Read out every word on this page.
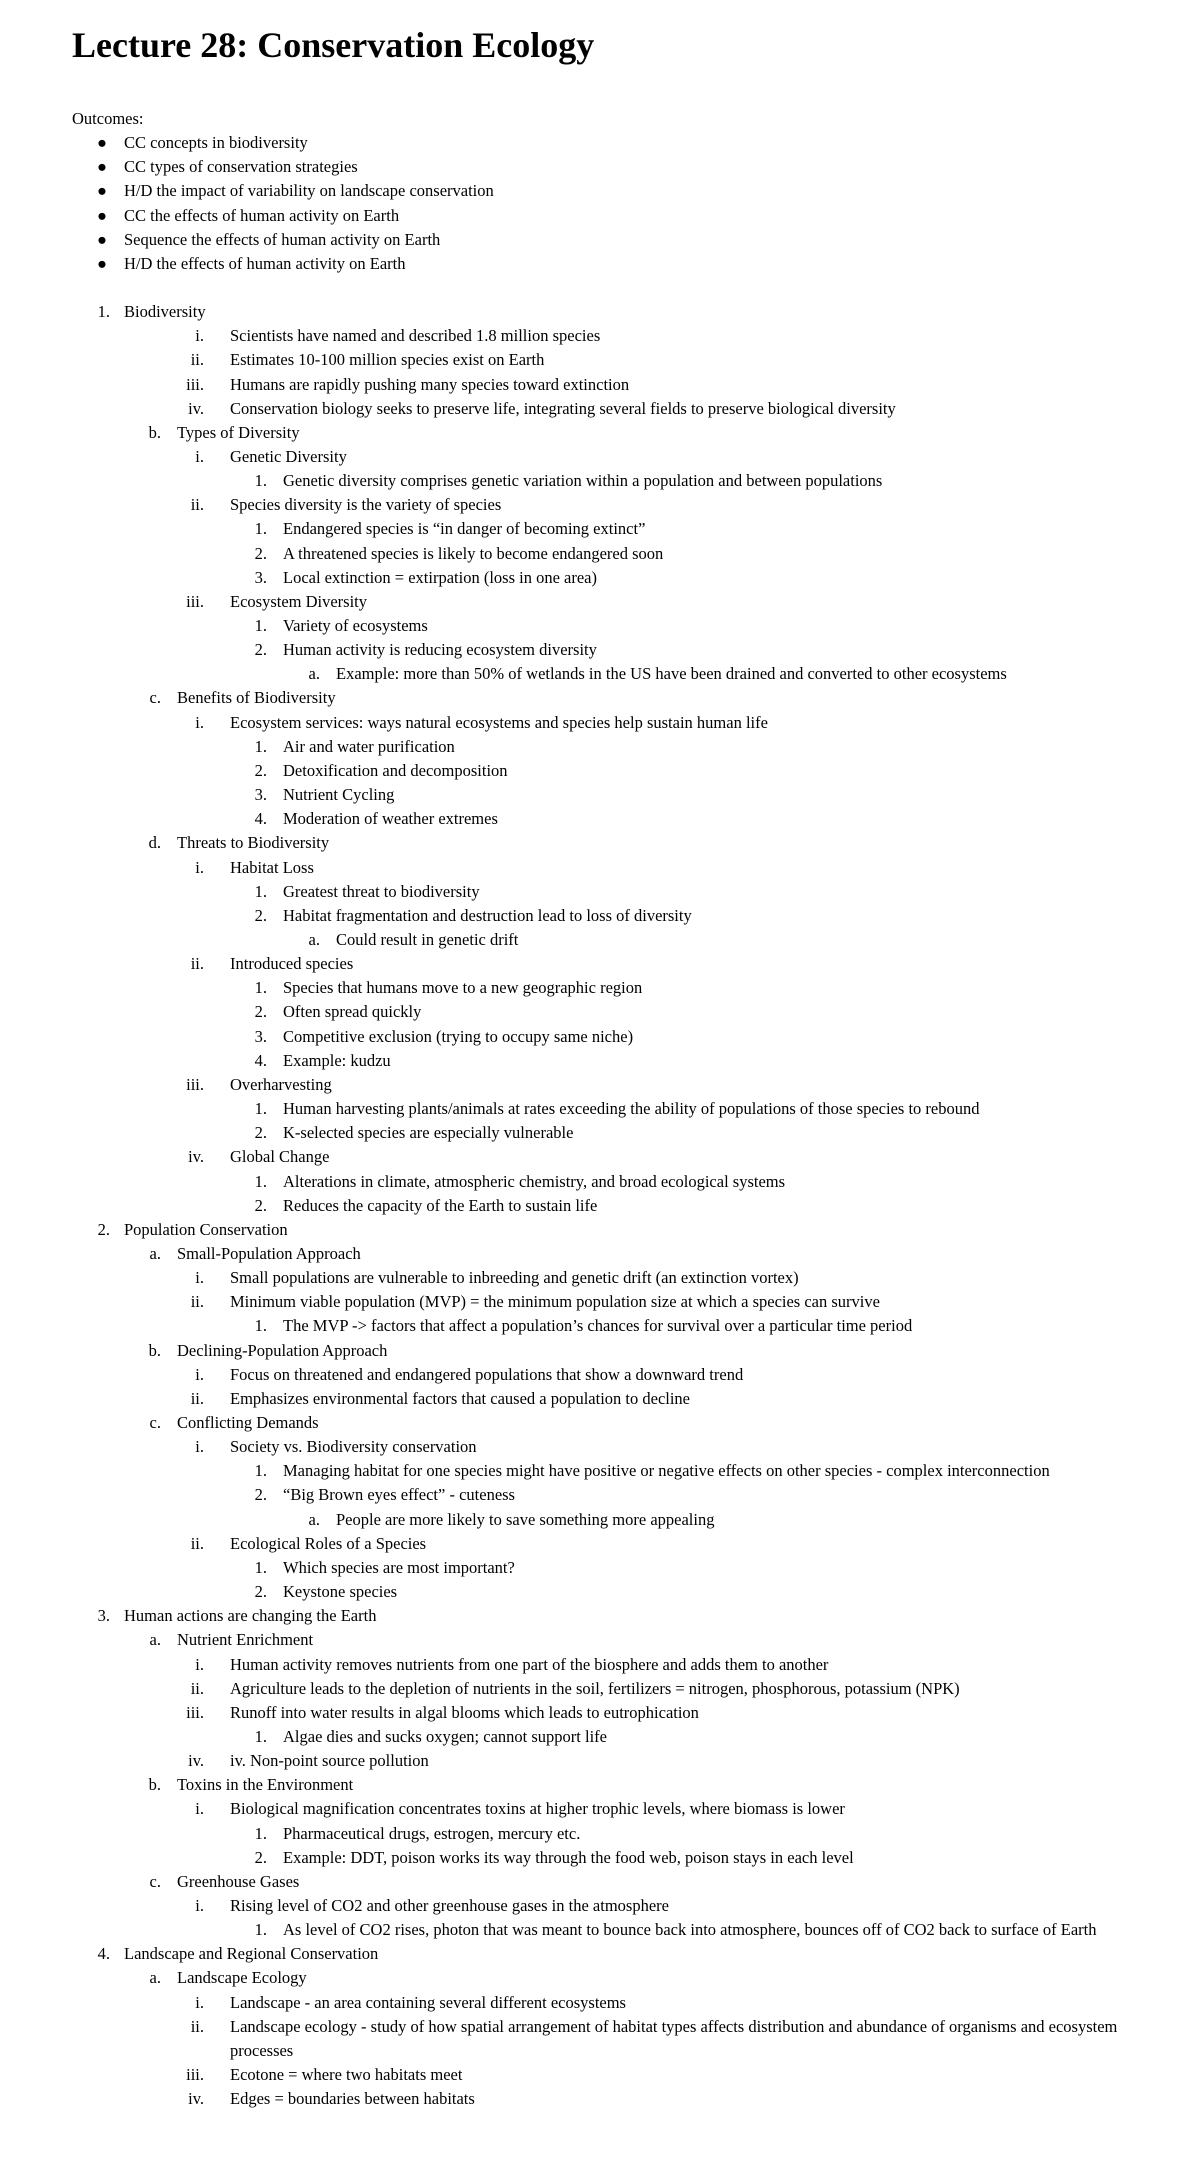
Lecture 28: Conservation Ecology
Outcomes:
●	CC concepts in biodiversity
●	CC types of conservation strategies
●	H/D the impact of variability on landscape conservation
●	CC the effects of human activity on Earth
●	Sequence the effects of human activity on Earth
●	H/D the effects of human activity on Earth
1. Biodiversity
i. Scientists have named and described 1.8 million species
ii. Estimates 10-100 million species exist on Earth
iii. Humans are rapidly pushing many species toward extinction
iv. Conservation biology seeks to preserve life, integrating several fields to preserve biological diversity
b. Types of Diversity
i. Genetic Diversity
1. Genetic diversity comprises genetic variation within a population and between populations
ii. Species diversity is the variety of species
1. Endangered species is “in danger of becoming extinct”
2. A threatened species is likely to become endangered soon
3. Local extinction = extirpation (loss in one area)
iii. Ecosystem Diversity
1. Variety of ecosystems
2. Human activity is reducing ecosystem diversity
a. Example: more than 50% of wetlands in the US have been drained and converted to other ecosystems
c. Benefits of Biodiversity
i. Ecosystem services: ways natural ecosystems and species help sustain human life
1. Air and water purification
2. Detoxification and decomposition
3. Nutrient Cycling
4. Moderation of weather extremes
d. Threats to Biodiversity
i. Habitat Loss
1. Greatest threat to biodiversity
2. Habitat fragmentation and destruction lead to loss of diversity
a. Could result in genetic drift
ii. Introduced species
1. Species that humans move to a new geographic region
2. Often spread quickly
3. Competitive exclusion (trying to occupy same niche)
4. Example: kudzu
iii. Overharvesting
1. Human harvesting plants/animals at rates exceeding the ability of populations of those species to rebound
2. K-selected species are especially vulnerable
iv. Global Change
1. Alterations in climate, atmospheric chemistry, and broad ecological systems
2. Reduces the capacity of the Earth to sustain life
2. Population Conservation
a. Small-Population Approach
i. Small populations are vulnerable to inbreeding and genetic drift (an extinction vortex)
ii. Minimum viable population (MVP) = the minimum population size at which a species can survive
1. The MVP -> factors that affect a population’s chances for survival over a particular time period
b. Declining-Population Approach
i. Focus on threatened and endangered populations that show a downward trend
ii. Emphasizes environmental factors that caused a population to decline
c. Conflicting Demands
i. Society vs. Biodiversity conservation
1. Managing habitat for one species might have positive or negative effects on other species - complex interconnection
2. “Big Brown eyes effect” - cuteness
a. People are more likely to save something more appealing
ii. Ecological Roles of a Species
1. Which species are most important?
2. Keystone species
3. Human actions are changing the Earth
a. Nutrient Enrichment
i. Human activity removes nutrients from one part of the biosphere and adds them to another
ii. Agriculture leads to the depletion of nutrients in the soil, fertilizers = nitrogen, phosphorous, potassium (NPK)
iii. Runoff into water results in algal blooms which leads to eutrophication
1. Algae dies and sucks oxygen; cannot support life
iv. iv. Non-point source pollution
b. Toxins in the Environment
i. Biological magnification concentrates toxins at higher trophic levels, where biomass is lower
1. Pharmaceutical drugs, estrogen, mercury etc.
2. Example: DDT, poison works its way through the food web, poison stays in each level
c. Greenhouse Gases
i. Rising level of CO2 and other greenhouse gases in the atmosphere
1. As level of CO2 rises, photon that was meant to bounce back into atmosphere, bounces off of CO2 back to surface of Earth
4. Landscape and Regional Conservation
a. Landscape Ecology
i. Landscape - an area containing several different ecosystems
ii. Landscape ecology - study of how spatial arrangement of habitat types affects distribution and abundance of organisms and ecosystem
processes
iii. Ecotone = where two habitats meet
iv. Edges = boundaries between habitats
